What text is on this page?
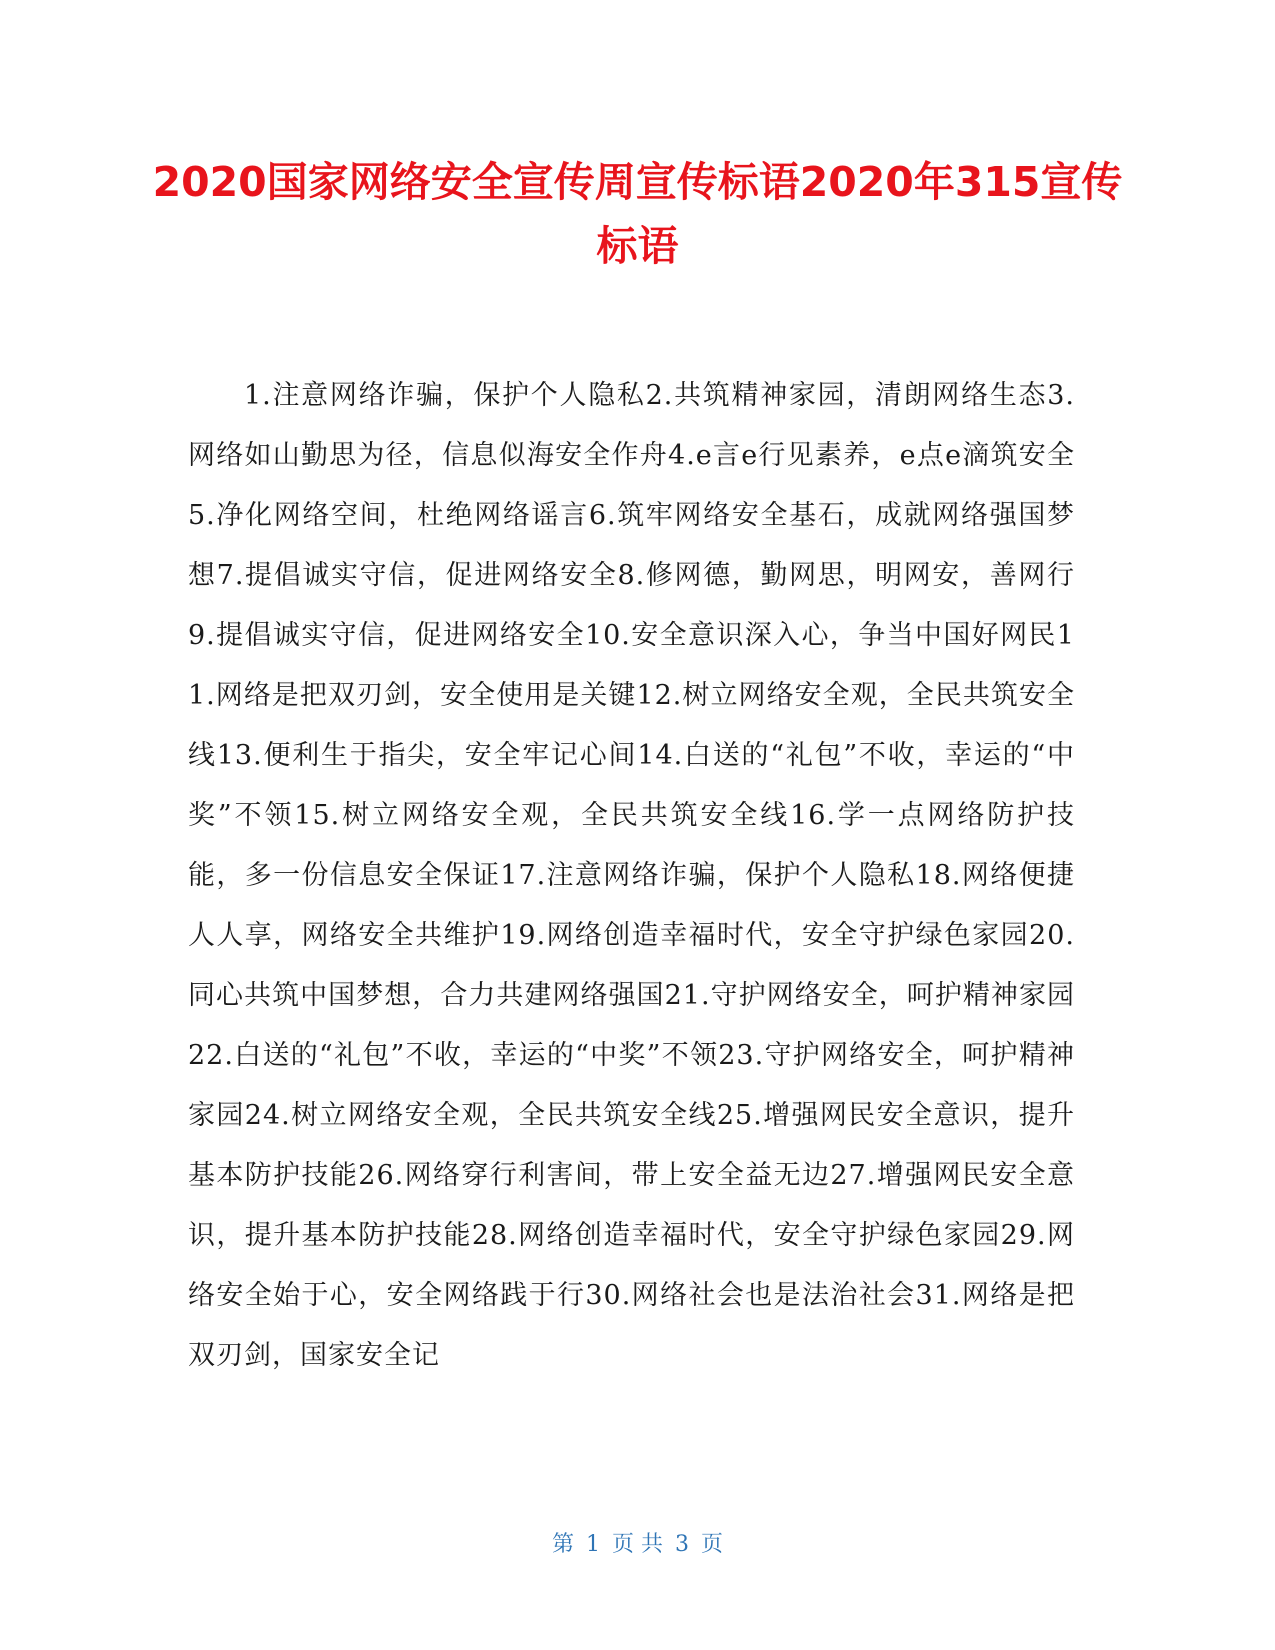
2020国家网络安全宣传周宣传标语2020年315宣传标语

1.注意网络诈骗，保护个人隐私2.共筑精神家园，清朗网络生态3.网络如山勤思为径，信息似海安全作舟4.e言e行见素养，e点e滴筑安全5.净化网络空间，杜绝网络谣言6.筑牢网络安全基石，成就网络强国梦想7.提倡诚实守信，促进网络安全8.修网德，勤网思，明网安，善网行9.提倡诚实守信，促进网络安全10.安全意识深入心，争当中国好网民11.网络是把双刃剑，安全使用是关键12.树立网络安全观，全民共筑安全线13.便利生于指尖，安全牢记心间14.白送的“礼包”不收，幸运的“中奖”不领15.树立网络安全观，全民共筑安全线16.学一点网络防护技能，多一份信息安全保证17.注意网络诈骗，保护个人隐私18.网络便捷人人享，网络安全共维护19.网络创造幸福时代，安全守护绿色家园20.同心共筑中国梦想，合力共建网络强国21.守护网络安全，呵护精神家园22.白送的“礼包”不收，幸运的“中奖”不领23.守护网络安全，呵护精神家园24.树立网络安全观，全民共筑安全线25.增强网民安全意识，提升基本防护技能26.网络穿行利害间，带上安全益无边27.增强网民安全意识，提升基本防护技能28.网络创造幸福时代，安全守护绿色家园29.网络安全始于心，安全网络践于行30.网络社会也是法治社会31.网络是把双刃剑，国家安全记

第 1 页 共 3 页
